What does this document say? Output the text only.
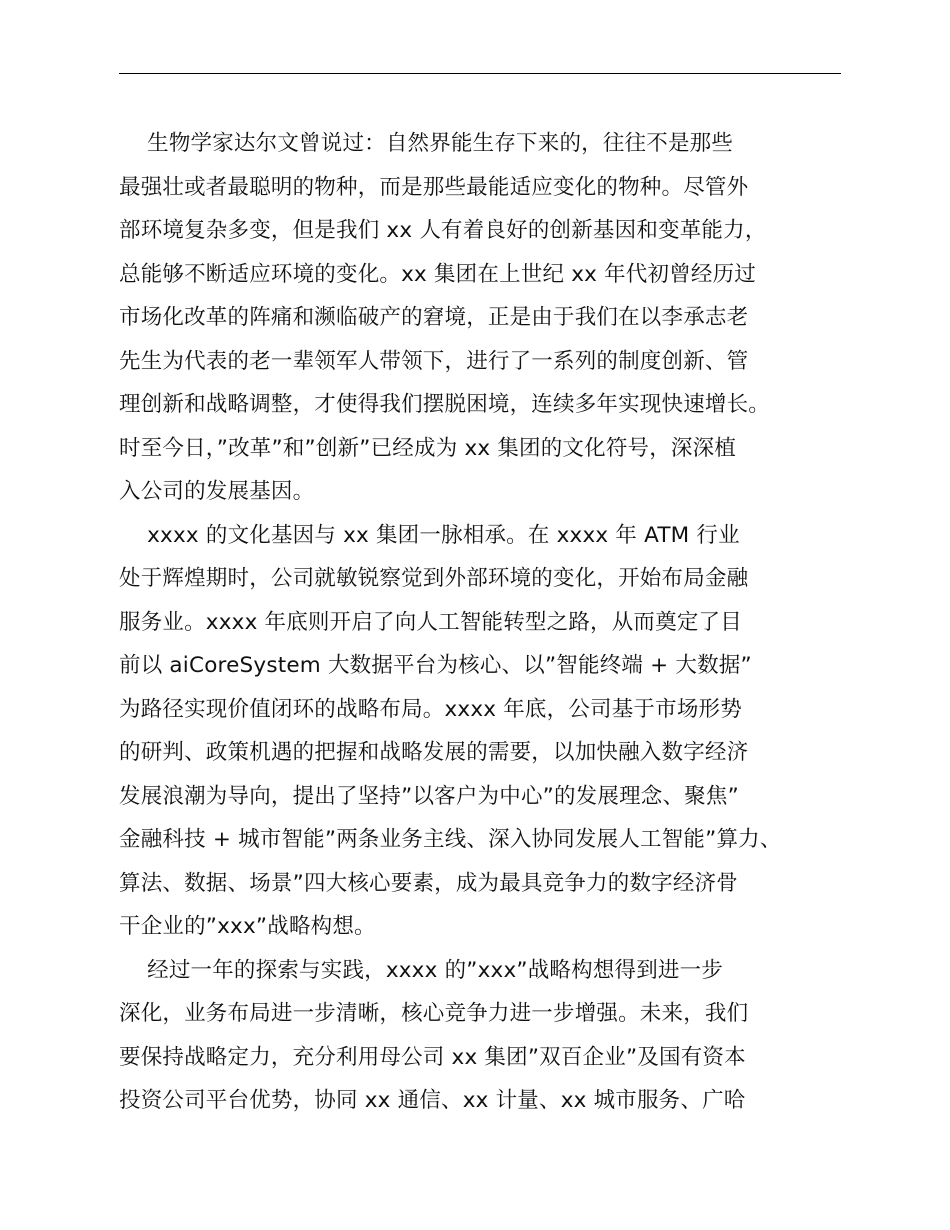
生物学家达尔文曾说过：自然界能生存下来的，往往不是那些
最强壮或者最聪明的物种，而是那些最能适应变化的物种。尽管外
部环境复杂多变，但是我们 xx 人有着良好的创新基因和变革能力，
总能够不断适应环境的变化。xx 集团在上世纪 xx 年代初曾经历过
市场化改革的阵痛和濒临破产的窘境，正是由于我们在以李承志老
先生为代表的老一辈领军人带领下，进行了一系列的制度创新、管
理创新和战略调整，才使得我们摆脱困境，连续多年实现快速增长。
时至今日，”改革”和”创新”已经成为 xx 集团的文化符号，深深植
入公司的发展基因。
xxxx 的文化基因与 xx 集团一脉相承。在 xxxx 年 ATM 行业
处于辉煌期时，公司就敏锐察觉到外部环境的变化，开始布局金融
服务业。xxxx 年底则开启了向人工智能转型之路，从而奠定了目
前以 aiCoreSystem 大数据平台为核心、以”智能终端 + 大数据”
为路径实现价值闭环的战略布局。xxxx 年底，公司基于市场形势
的研判、政策机遇的把握和战略发展的需要，以加快融入数字经济
发展浪潮为导向，提出了坚持”以客户为中心”的发展理念、聚焦”
金融科技 + 城市智能”两条业务主线、深入协同发展人工智能”算力、
算法、数据、场景”四大核心要素，成为最具竞争力的数字经济骨
干企业的”xxx”战略构想。
经过一年的探索与实践，xxxx 的”xxx”战略构想得到进一步
深化，业务布局进一步清晰，核心竞争力进一步增强。未来，我们
要保持战略定力，充分利用母公司 xx 集团”双百企业”及国有资本
投资公司平台优势，协同 xx 通信、xx 计量、xx 城市服务、广哈
